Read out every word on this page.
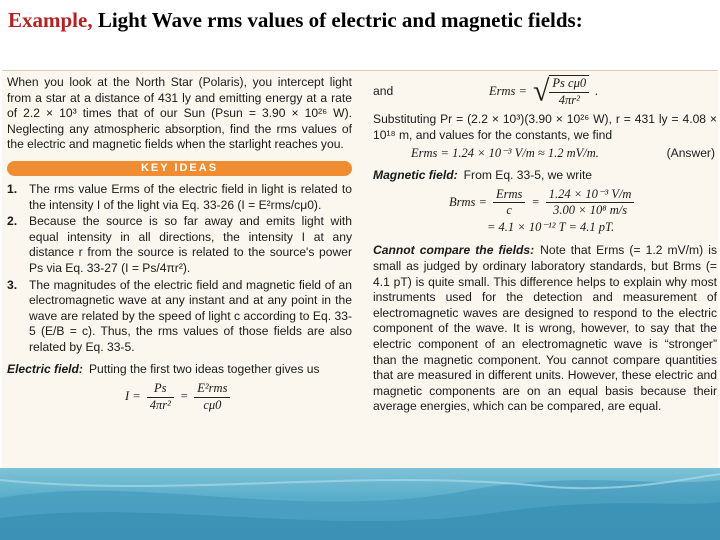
Example, Light Wave rms values of electric and magnetic fields:

When you look at the North Star (Polaris), you intercept light from a star at a distance of 431 ly and emitting energy at a rate of 2.2 × 10³ times that of our Sun (Psun = 3.90 × 10²⁶ W). Neglecting any atmospheric absorption, find the rms values of the electric and magnetic fields when the starlight reaches you.

KEY IDEAS
1. The rms value Erms of the electric field in light is related to the intensity I of the light via Eq. 33-26 (I = E²rms/cμ0).
2. Because the source is so far away and emits light with equal intensity in all directions, the intensity I at any distance r from the source is related to the source's power Ps via Eq. 33-27 (I = Ps/4πr²).
3. The magnitudes of the electric field and magnetic field of an electromagnetic wave at any instant and at any point in the wave are related by the speed of light c according to Eq. 33-5 (E/B = c). Thus, the rms values of those fields are also related by Eq. 33-5.

Electric field: Putting the first two ideas together gives us

$I = \frac{Ps}{\text{4πr²}} = \frac{\text{E²rms}}{c\mu 0}$
and	Erms = √ $\frac{\text{Ps cμ0}}{\text{4πr²}}$ .

Substituting Pr = (2.2 × 10³)(3.90 × 10²⁶ W), r = 431 ly = 4.08 × 10¹⁸ m, and values for the constants, we find

Erms = 1.24 × 10⁻³ V/m ≈ 1.2 mV/m.	(Answer)

Magnetic field: From Eq. 33-5, we write

Brms = $\frac{\text{Erms}}{c} = \frac{\text{1.24 × 10⁻³ V/m}}{\text{3.00 × 10⁸ m/s}}$
= 4.1 × 10⁻¹² T = 4.1 pT.

Cannot compare the fields: Note that Erms (= 1.2 mV/m) is small as judged by ordinary laboratory standards, but Brms (= 4.1 pT) is quite small. This difference helps to explain why most instruments used for the detection and measurement of electromagnetic waves are designed to respond to the electric component of the wave. It is wrong, however, to say that the electric component of an electromagnetic wave is “stronger” than the magnetic component. You cannot compare quantities that are measured in different units. However, these electric and magnetic components are on an equal basis because their average energies, which can be compared, are equal.
